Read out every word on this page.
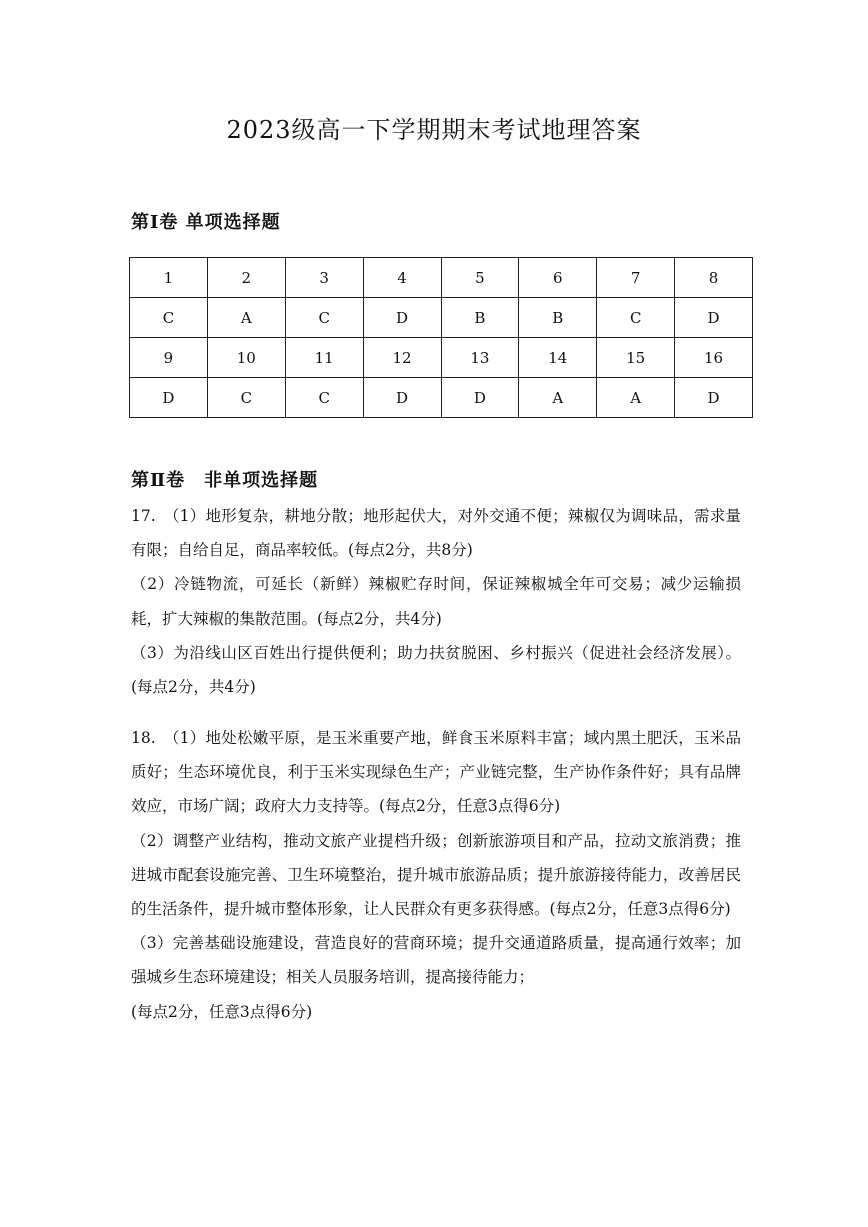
2023级高一下学期期末考试地理答案
第Ⅰ卷 单项选择题
1	2	3	4	5	6	7	8
C	A	C	D	B	B	C	D
9	10	11	12	13	14	15	16
D	C	C	D	D	A	A	D
第Ⅱ卷　非单项选择题

17.　（1）地形复杂，耕地分散；地形起伏大，对外交通不便；辣椒仅为调味品，需求量有限；自给自足，商品率较低。(每点2分，共8分)

（2）冷链物流，可延长（新鲜）辣椒贮存时间，保证辣椒城全年可交易；减少运输损耗，扩大辣椒的集散范围。(每点2分，共4分)

（3）为沿线山区百姓出行提供便利；助力扶贫脱困、乡村振兴（促进社会经济发展）。(每点2分，共4分)

18.　（1）地处松嫩平原，是玉米重要产地，鲜食玉米原料丰富；域内黑土肥沃，玉米品质好；生态环境优良，利于玉米实现绿色生产；产业链完整，生产协作条件好；具有品牌效应，市场广阔；政府大力支持等。(每点2分，任意3点得6分)

（2）调整产业结构，推动文旅产业提档升级；创新旅游项目和产品，拉动文旅消费；推进城市配套设施完善、卫生环境整治，提升城市旅游品质；提升旅游接待能力，改善居民的生活条件，提升城市整体形象，让人民群众有更多获得感。(每点2分，任意3点得6分)

（3）完善基础设施建设，营造良好的营商环境；提升交通道路质量，提高通行效率；加强城乡生态环境建设；相关人员服务培训，提高接待能力；

(每点2分，任意3点得6分)
